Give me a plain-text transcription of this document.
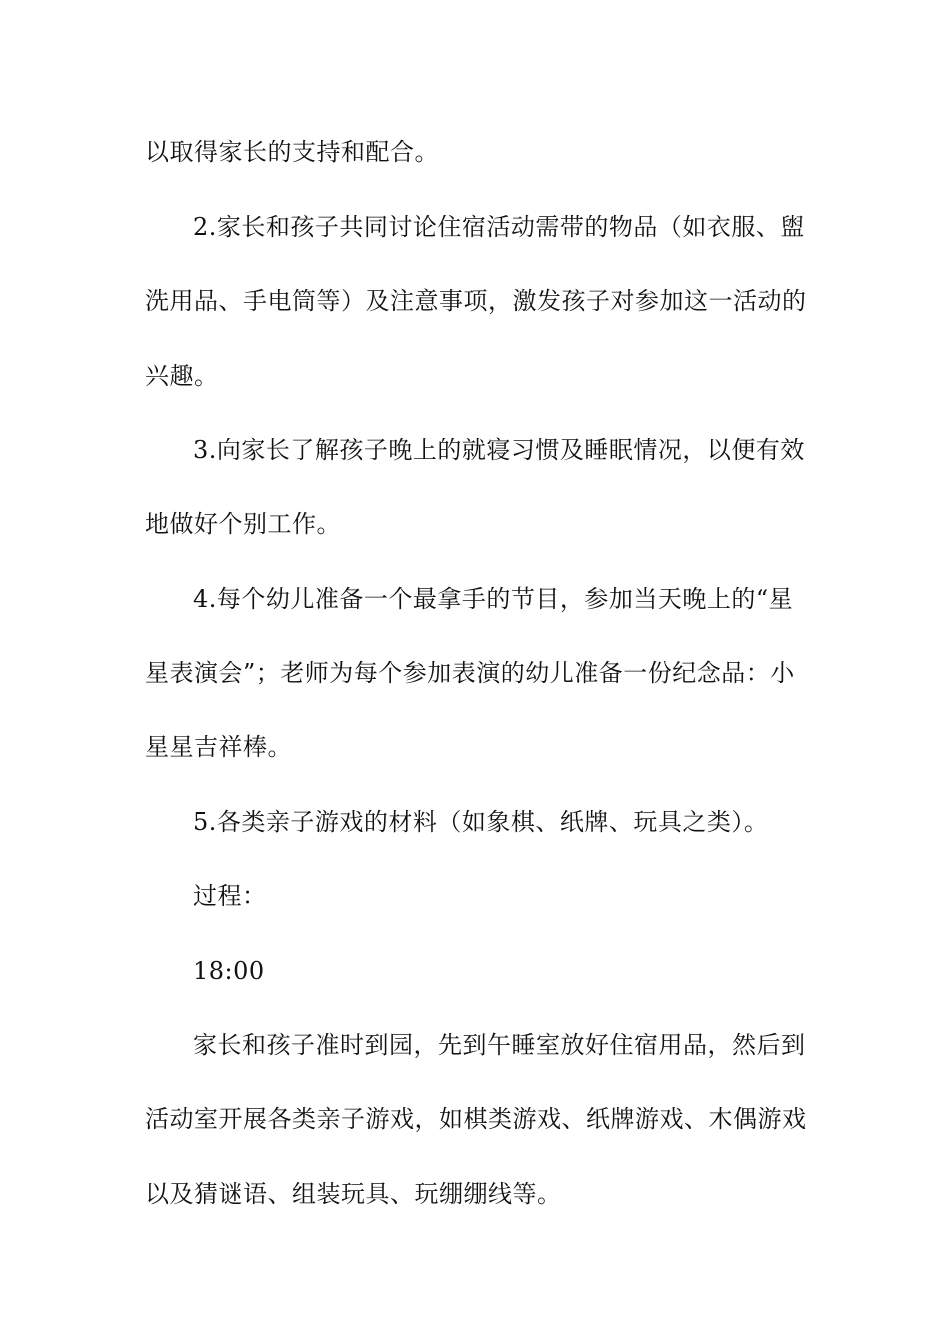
以取得家长的支持和配合。
2.家长和孩子共同讨论住宿活动需带的物品（如衣服、盥
洗用品、手电筒等）及注意事项，激发孩子对参加这一活动的
兴趣。
3.向家长了解孩子晚上的就寝习惯及睡眠情况，以便有效
地做好个别工作。
4.每个幼儿准备一个最拿手的节目，参加当天晚上的“星
星表演会”；老师为每个参加表演的幼儿准备一份纪念品：小
星星吉祥棒。
5.各类亲子游戏的材料（如象棋、纸牌、玩具之类）。
过程：
18:00
家长和孩子准时到园，先到午睡室放好住宿用品，然后到
活动室开展各类亲子游戏，如棋类游戏、纸牌游戏、木偶游戏
以及猜谜语、组装玩具、玩绷绷线等。
